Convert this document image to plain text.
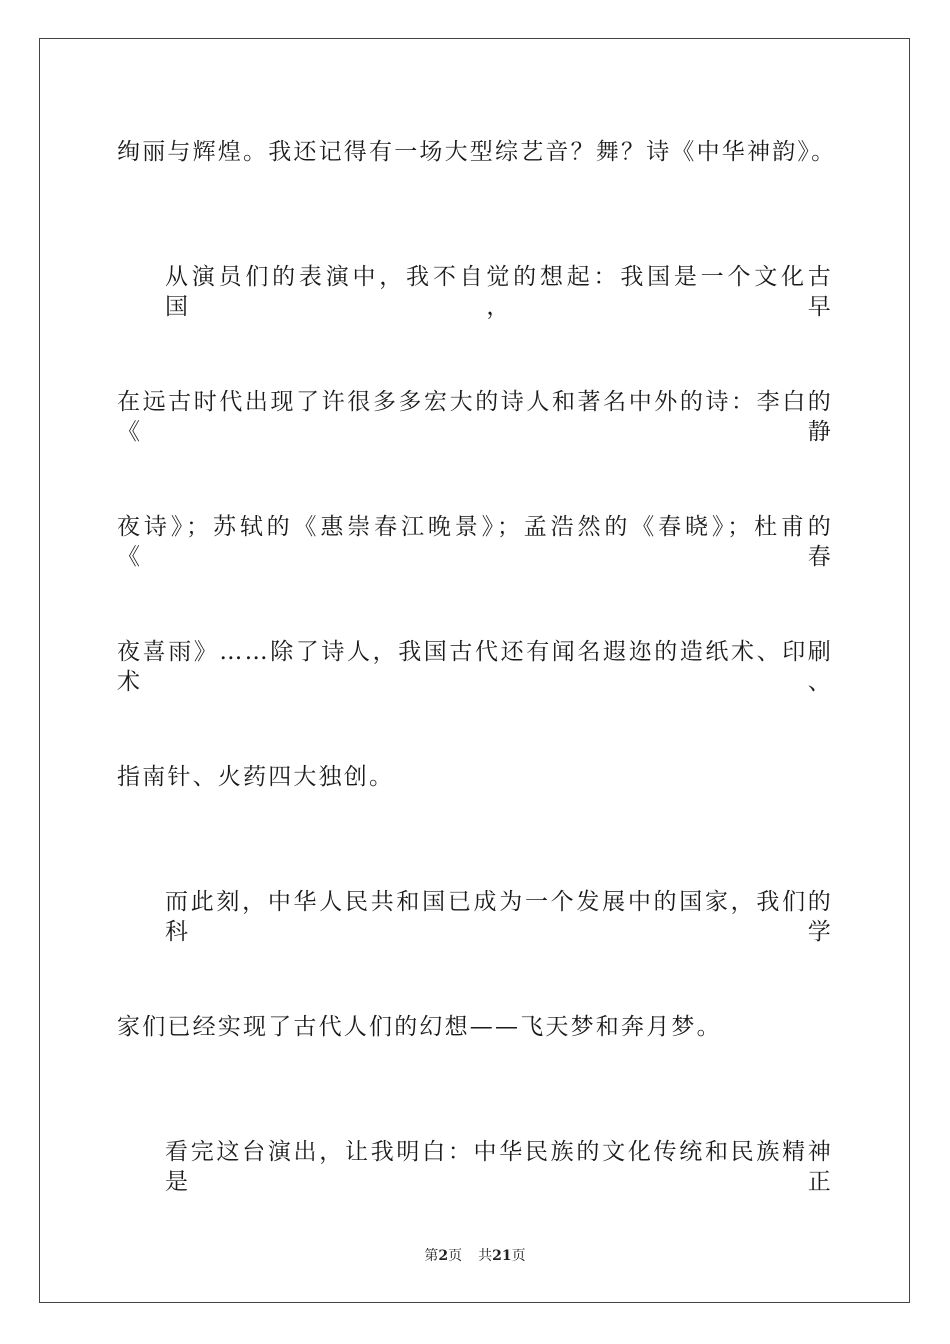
绚丽与辉煌。我还记得有一场大型综艺音？舞？诗《中华神韵》。
从演员们的表演中，我不自觉的想起：我国是一个文化古国，早
在远古时代出现了许很多多宏大的诗人和著名中外的诗：李白的《静
夜诗》；苏轼的《惠崇春江晚景》；孟浩然的《春晓》；杜甫的《春
夜喜雨》……除了诗人，我国古代还有闻名遐迩的造纸术、印刷术、
指南针、火药四大独创。
而此刻，中华人民共和国已成为一个发展中的国家，我们的科学
家们已经实现了古代人们的幻想——飞天梦和奔月梦。
看完这台演出，让我明白：中华民族的文化传统和民族精神是正
第2页 共21页
